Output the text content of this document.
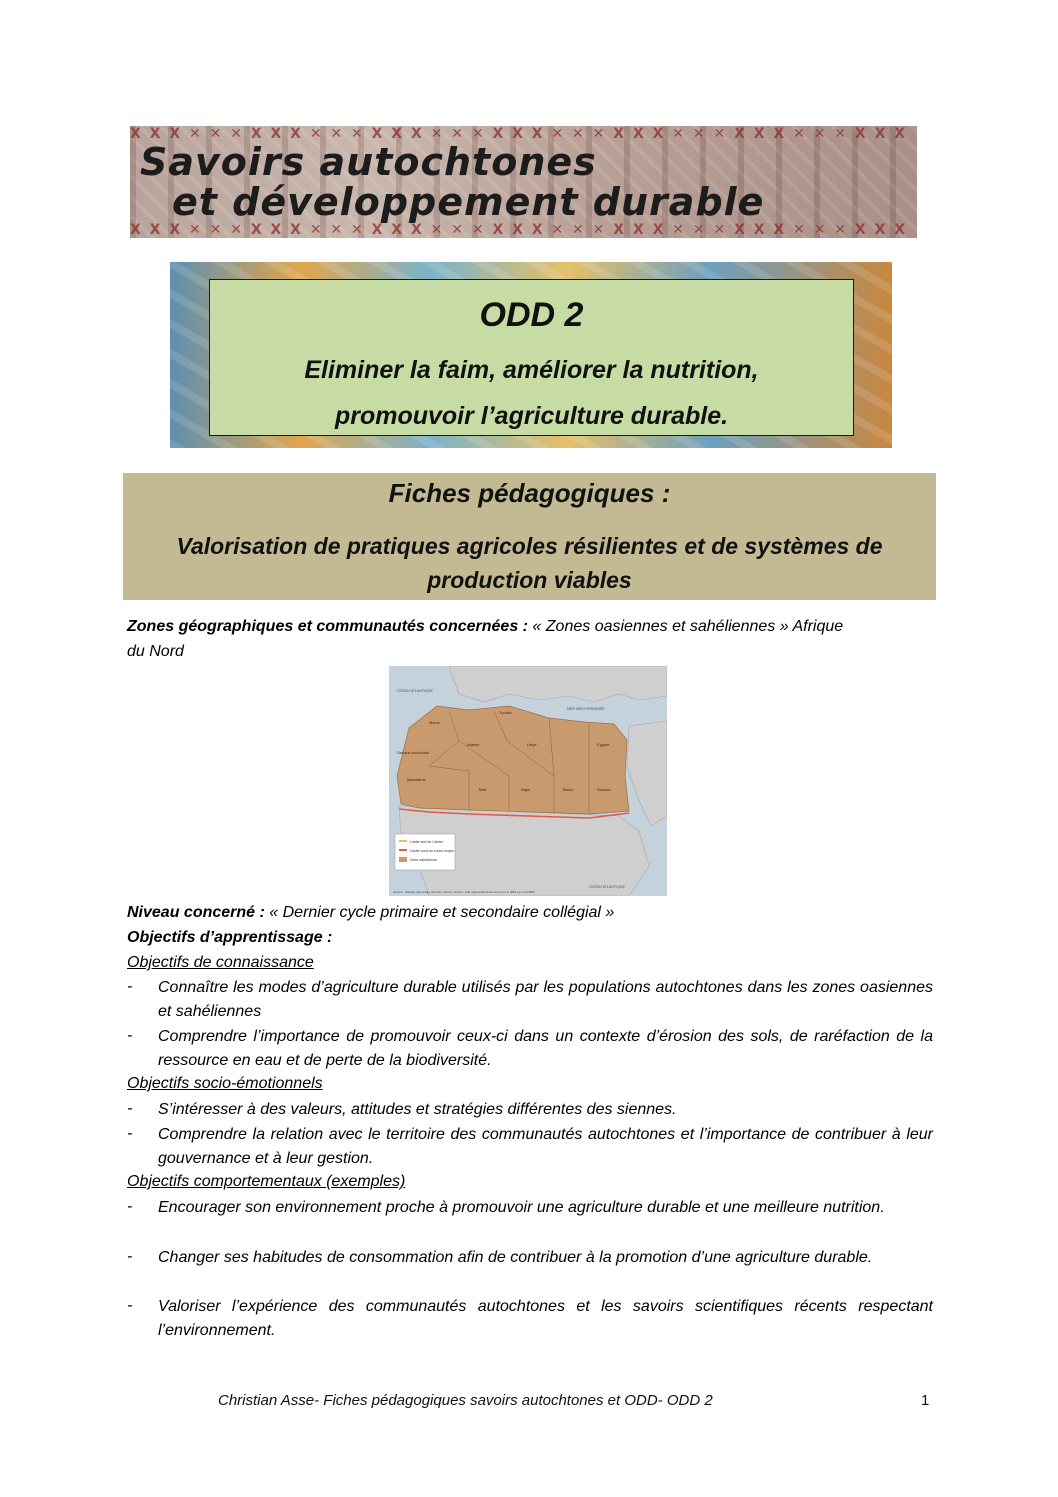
X X X ✕ ✕ ✕ X X X ✕ ✕ ✕ X X X ✕ ✕ ✕ X X X ✕ ✕ ✕ X X X ✕ ✕ ✕ X X X ✕ ✕ ✕ X X X
Savoirs autochtones
et développement durable
X X X ✕ ✕ ✕ X X X ✕ ✕ ✕ X X X ✕ ✕ ✕ X X X ✕ ✕ ✕ X X X ✕ ✕ ✕ X X X ✕ ✕ ✕ X X X
ODD 2
Eliminer la faim, améliorer la nutrition,
promouvoir l’agriculture durable.
Fiches pédagogiques :
Valorisation de pratiques agricoles résilientes et de systèmes de
production viables
Zones géographiques et communautés concernées : « Zones oasiennes et sahéliennes » Afrique
du Nord
Limite sud de l'olivier
Limite nord du cours moyen
Zone saharienne
OCÉAN ATLANTIQUE
MER MÉDITERRANÉE
Maroc
Algérie
Tunisie
Libye	Égypte
Mauritanie
Mali	Niger	Tchad	Soudan
Sahara occidental
OCÉAN ATLANTIQUE
Source : d'après Capot-Rey, Dresch, Gautier, Golzet - http://geoconfluences.ens-lyon.fr, ENS Lyon (CNDP)
Niveau concerné : « Dernier cycle primaire et secondaire collégial »
Objectifs d’apprentissage :
Objectifs de connaissance
- Connaître les modes d’agriculture durable utilisés par les populations autochtones dans les zones oasiennes et sahéliennes
- Comprendre l’importance de promouvoir ceux-ci dans un contexte d’érosion des sols, de raréfaction de la ressource en eau et de perte de la biodiversité.
Objectifs socio-émotionnels
- S’intéresser à des valeurs, attitudes et stratégies différentes des siennes.
- Comprendre la relation avec le territoire des communautés autochtones et l’importance de contribuer à leur gouvernance et à leur gestion.
Objectifs comportementaux (exemples)
- Encourager son environnement proche à promouvoir une agriculture durable et une meilleure nutrition.
- Changer ses habitudes de consommation afin de contribuer à la promotion d’une agriculture durable.
- Valoriser l’expérience des communautés autochtones et les savoirs scientifiques récents respectant l’environnement.
Christian Asse- Fiches pédagogiques savoirs autochtones et ODD- ODD 2	1
